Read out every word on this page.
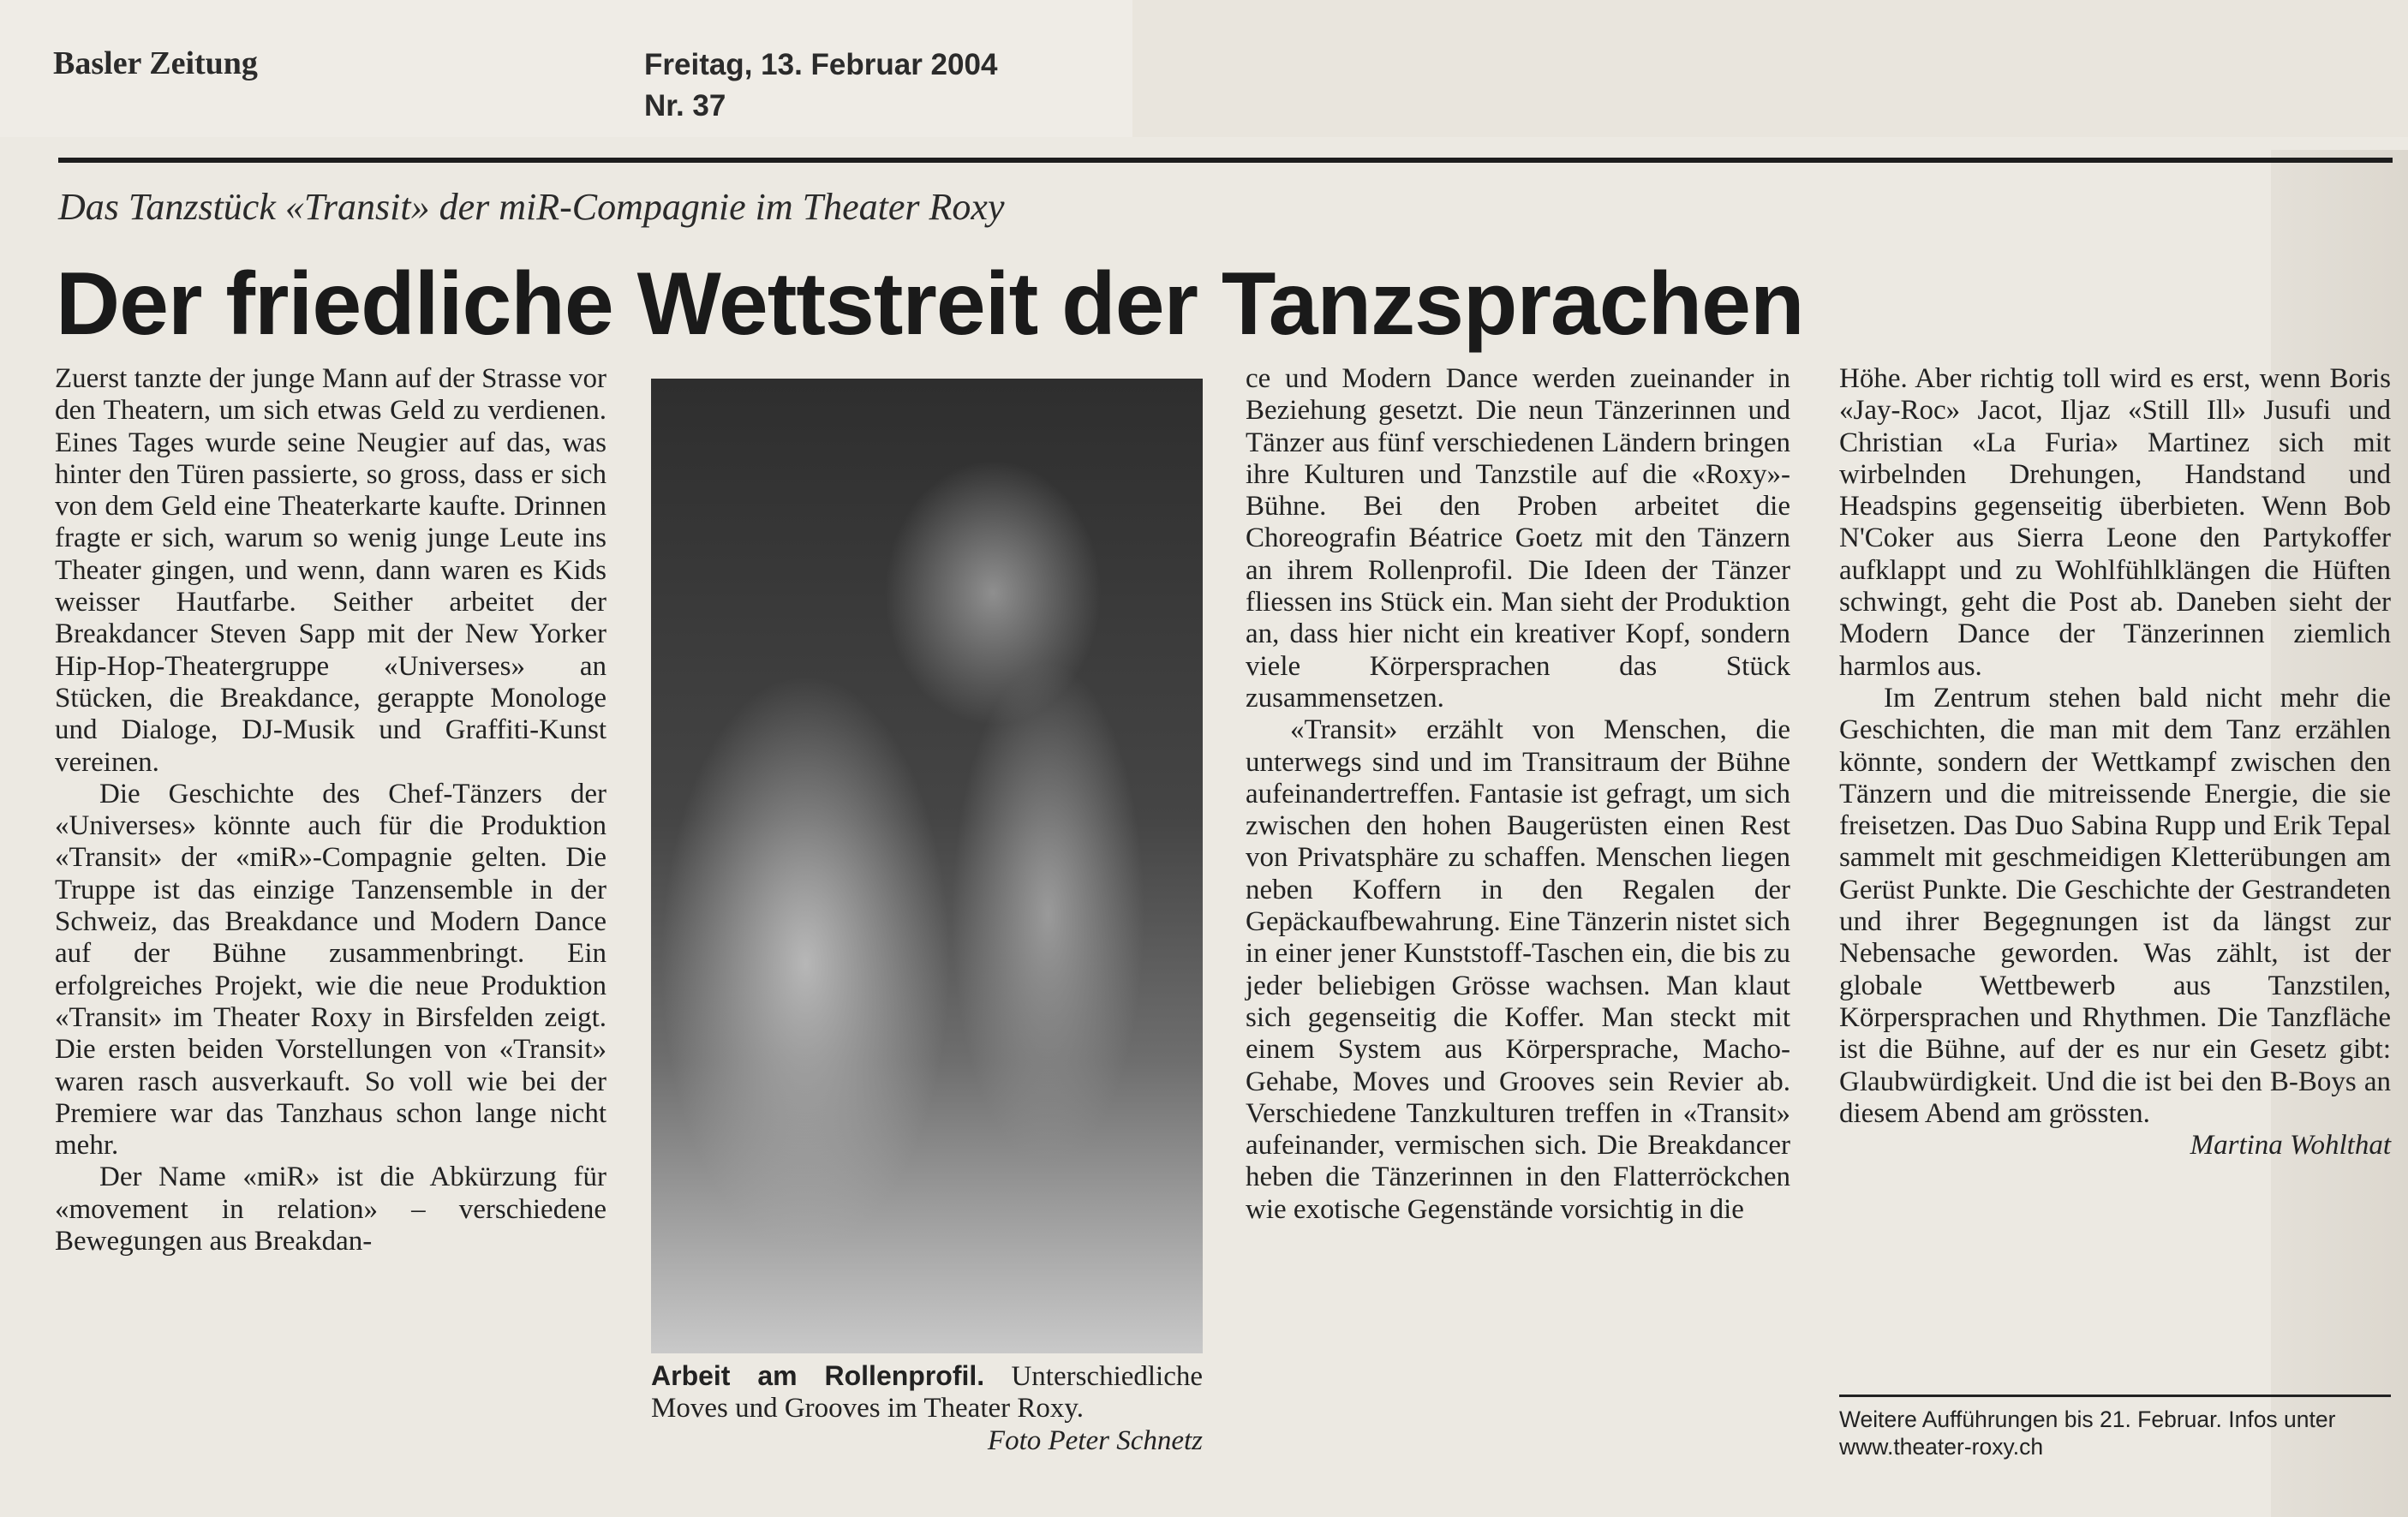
Basler Zeitung	Freitag, 13. Februar 2004
Nr. 37
Das Tanzstück «Transit» der miR-Compagnie im Theater Roxy
Der friedliche Wettstreit der Tanzsprachen

Zuerst tanzte der junge Mann auf der Strasse vor den Theatern, um sich etwas Geld zu verdienen. Eines Tages wurde seine Neugier auf das, was hinter den Türen passierte, so gross, dass er sich von dem Geld eine Theaterkarte kaufte. Drinnen fragte er sich, warum so wenig junge Leute ins Theater gingen, und wenn, dann waren es Kids weisser Hautfarbe. Seither arbeitet der Breakdancer Steven Sapp mit der New Yorker Hip-Hop-Theatergruppe «Universes» an Stücken, die Breakdance, gerappte Monologe und Dialoge, DJ-Musik und Graffiti-Kunst vereinen.

Die Geschichte des Chef-Tänzers der «Universes» könnte auch für die Produktion «Transit» der «miR»-Compagnie gelten. Die Truppe ist das einzige Tanzensemble in der Schweiz, das Breakdance und Modern Dance auf der Bühne zusammenbringt. Ein erfolgreiches Projekt, wie die neue Produktion «Transit» im Theater Roxy in Birsfelden zeigt. Die ersten beiden Vorstellungen von «Transit» waren rasch ausverkauft. So voll wie bei der Premiere war das Tanzhaus schon lange nicht mehr.

Der Name «miR» ist die Abkürzung für «movement in relation» – verschiedene Bewegungen aus Breakdan-

Arbeit am Rollenprofil. Unterschiedliche Moves und Grooves im Theater Roxy.
Foto Peter Schnetz

ce und Modern Dance werden zueinander in Beziehung gesetzt. Die neun Tänzerinnen und Tänzer aus fünf verschiedenen Ländern bringen ihre Kulturen und Tanzstile auf die «Roxy»-Bühne. Bei den Proben arbeitet die Choreografin Béatrice Goetz mit den Tänzern an ihrem Rollenprofil. Die Ideen der Tänzer fliessen ins Stück ein. Man sieht der Produktion an, dass hier nicht ein kreativer Kopf, sondern viele Körpersprachen das Stück zusammensetzen.

«Transit» erzählt von Menschen, die unterwegs sind und im Transitraum der Bühne aufeinandertreffen. Fantasie ist gefragt, um sich zwischen den hohen Baugerüsten einen Rest von Privatsphäre zu schaffen. Menschen liegen neben Koffern in den Regalen der Gepäckaufbewahrung. Eine Tänzerin nistet sich in einer jener Kunststoff-Taschen ein, die bis zu jeder beliebigen Grösse wachsen. Man klaut sich gegenseitig die Koffer. Man steckt mit einem System aus Körpersprache, Macho-Gehabe, Moves und Grooves sein Revier ab. Verschiedene Tanzkulturen treffen in «Transit» aufeinander, vermischen sich. Die Breakdancer heben die Tänzerinnen in den Flatterröckchen wie exotische Gegenstände vorsichtig in die

Höhe. Aber richtig toll wird es erst, wenn Boris «Jay-Roc» Jacot, Iljaz «Still Ill» Jusufi und Christian «La Furia» Martinez sich mit wirbelnden Drehungen, Handstand und Headspins gegenseitig überbieten. Wenn Bob N'Coker aus Sierra Leone den Partykoffer aufklappt und zu Wohlfühlklängen die Hüften schwingt, geht die Post ab. Daneben sieht der Modern Dance der Tänzerinnen ziemlich harmlos aus.

Im Zentrum stehen bald nicht mehr die Geschichten, die man mit dem Tanz erzählen könnte, sondern der Wettkampf zwischen den Tänzern und die mitreissende Energie, die sie freisetzen. Das Duo Sabina Rupp und Erik Tepal sammelt mit geschmeidigen Kletterübungen am Gerüst Punkte. Die Geschichte der Gestrandeten und ihrer Begegnungen ist da längst zur Nebensache geworden. Was zählt, ist der globale Wettbewerb aus Tanzstilen, Körpersprachen und Rhythmen. Die Tanzfläche ist die Bühne, auf der es nur ein Gesetz gibt: Glaubwürdigkeit. Und die ist bei den B-Boys an diesem Abend am grössten.

Martina Wohlthat

Weitere Aufführungen bis 21. Februar. Infos unter www.theater-roxy.ch
